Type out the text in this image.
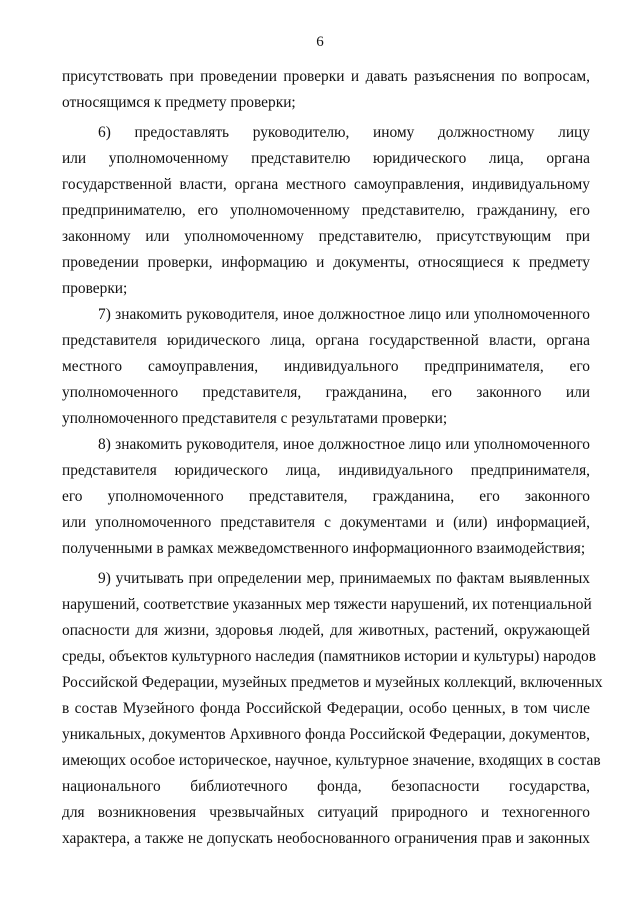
6
присутствовать при проведении проверки и давать разъяснения по вопросам,
относящимся к предмету проверки;
6) предоставлять руководителю, иному должностному лицу
или уполномоченному представителю юридического лица, органа
государственной власти, органа местного самоуправления, индивидуальному
предпринимателю, его уполномоченному представителю, гражданину, его
законному или уполномоченному представителю, присутствующим при
проведении проверки, информацию и документы, относящиеся к предмету
проверки;
7) знакомить руководителя, иное должностное лицо или уполномоченного
представителя юридического лица, органа государственной власти, органа
местного самоуправления, индивидуального предпринимателя, его
уполномоченного представителя, гражданина, его законного или
уполномоченного представителя с результатами проверки;
8) знакомить руководителя, иное должностное лицо или уполномоченного
представителя юридического лица, индивидуального предпринимателя,
его уполномоченного представителя, гражданина, его законного
или уполномоченного представителя с документами и (или) информацией,
полученными в рамках межведомственного информационного взаимодействия;
9) учитывать при определении мер, принимаемых по фактам выявленных
нарушений, соответствие указанных мер тяжести нарушений, их потенциальной
опасности для жизни, здоровья людей, для животных, растений, окружающей
среды, объектов культурного наследия (памятников истории и культуры) народов
Российской Федерации, музейных предметов и музейных коллекций, включенных
в состав Музейного фонда Российской Федерации, особо ценных, в том числе
уникальных, документов Архивного фонда Российской Федерации, документов,
имеющих особое историческое, научное, культурное значение, входящих в состав
национального библиотечного фонда, безопасности государства,
для возникновения чрезвычайных ситуаций природного и техногенного
характера, а также не допускать необоснованного ограничения прав и законных
